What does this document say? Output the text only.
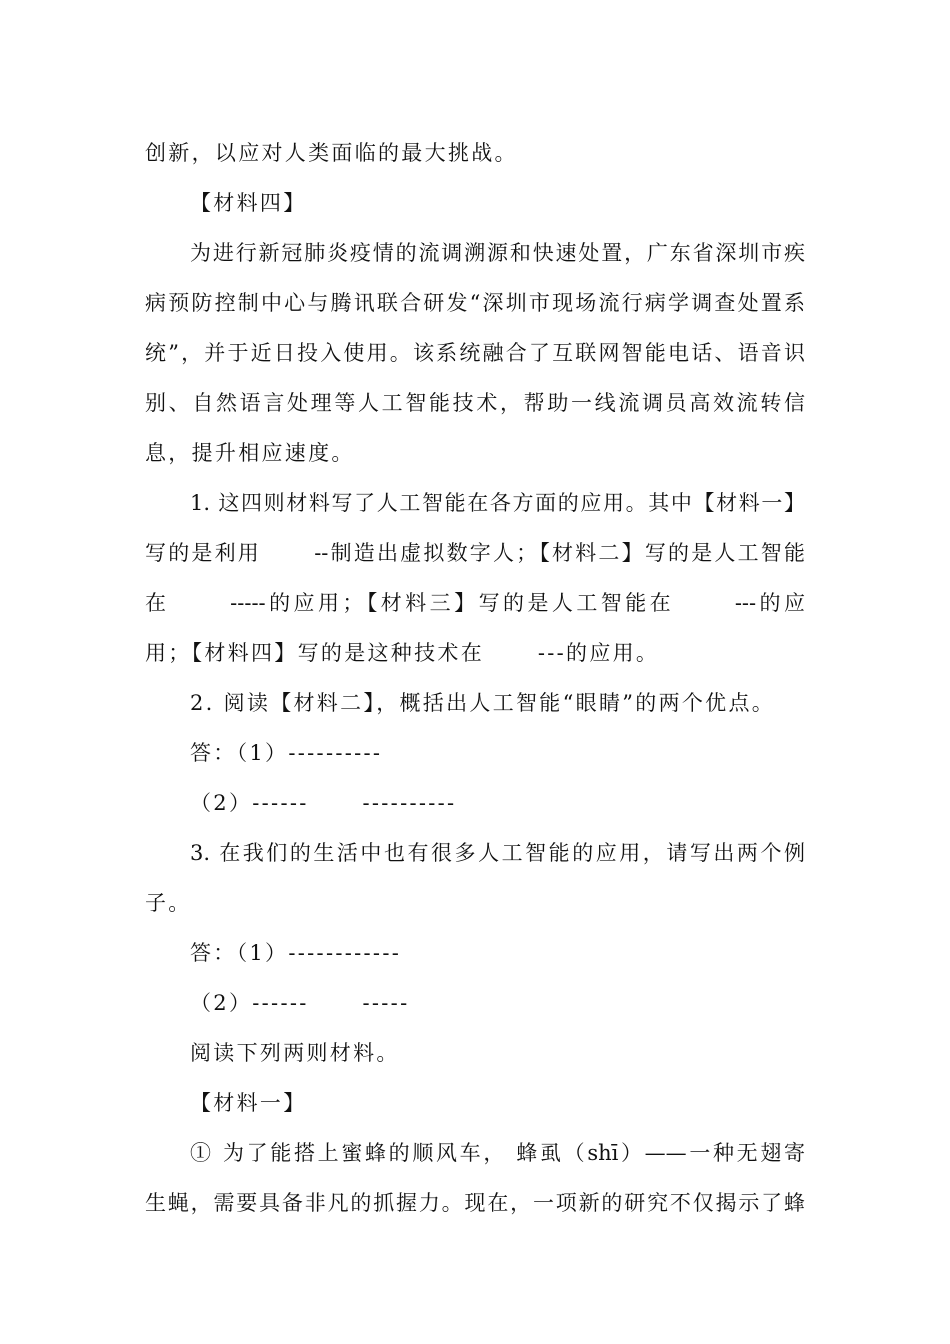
创新，以应对人类面临的最大挑战。
【材料四】
为进行新冠肺炎疫情的流调溯源和快速处置，广东省深圳市疾
病预防控制中心与腾讯联合研发“深圳市现场流行病学调查处置系
统”，并于近日投入使用。该系统融合了互联网智能电话、语音识
别、自然语言处理等人工智能技术，帮助一线流调员高效流转信
息，提升相应速度。
1. 这四则材料写了人工智能在各方面的应用。其中【材料一】
写的是利用      --制造出虚拟数字人；【材料二】写的是人工智能
在      -----的应用；【材料三】写的是人工智能在      ---的应
用；【材料四】写的是这种技术在      ---的应用。
2. 阅读【材料二】，概括出人工智能“眼睛”的两个优点。
答：（1）----------
（2）------      ----------
3. 在我们的生活中也有很多人工智能的应用，请写出两个例
子。
答：（1）------------
（2）------      -----
阅读下列两则材料。
【材料一】
① 为了能搭上蜜蜂的顺风车， 蜂虱（shī）——一种无翅寄
生蝇，需要具备非凡的抓握力。现在，一项新的研究不仅揭示了蜂
